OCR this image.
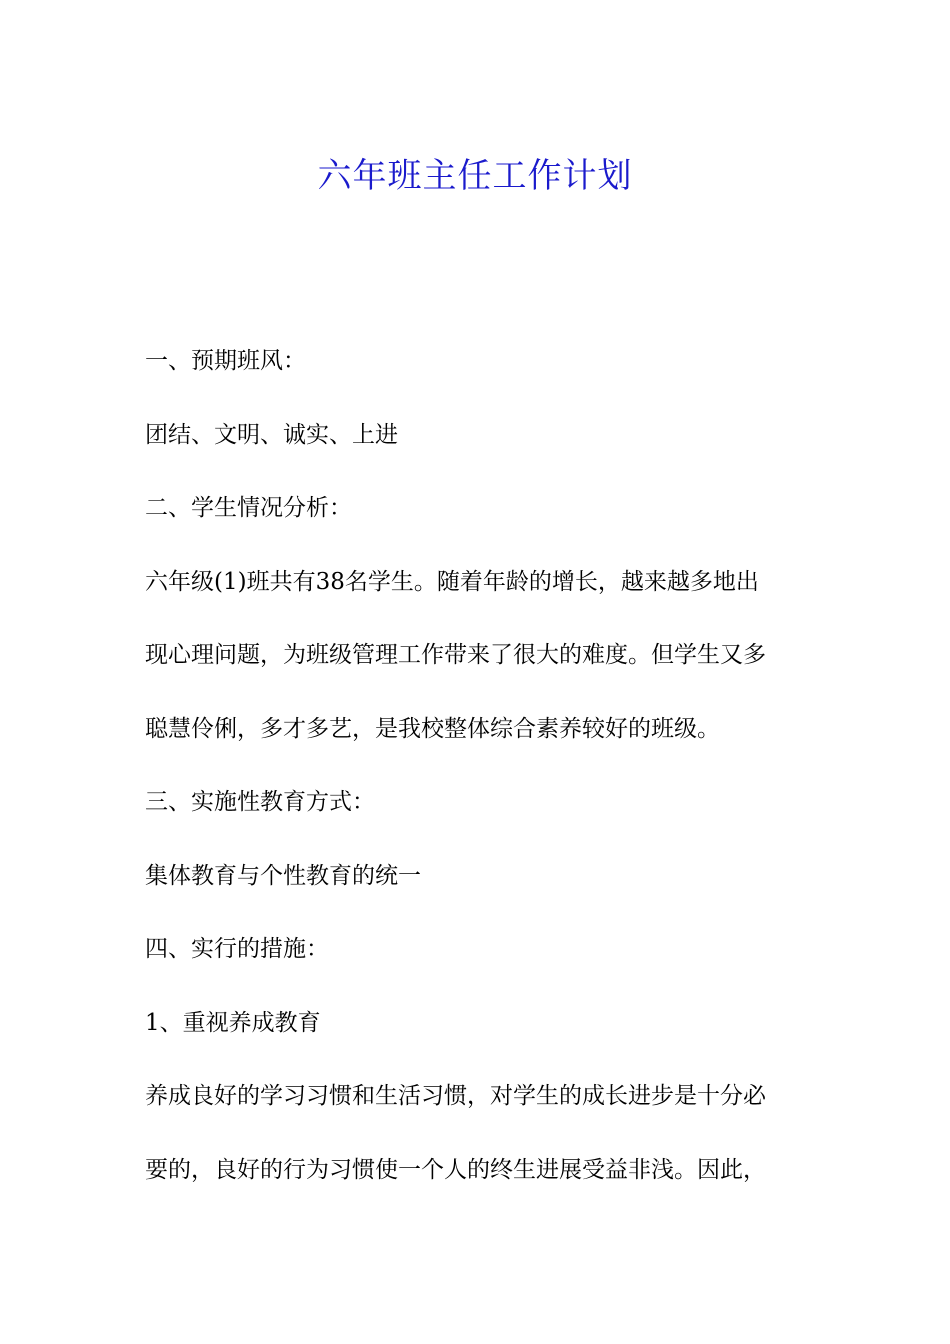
六年班主任工作计划
一、预期班风：
团结、文明、诚实、上进
二、学生情况分析：
六年级(1)班共有38名学生。随着年龄的增长，越来越多地出
现心理问题，为班级管理工作带来了很大的难度。但学生又多
聪慧伶俐，多才多艺，是我校整体综合素养较好的班级。
三、实施性教育方式：
集体教育与个性教育的统一
四、实行的措施：
1、重视养成教育
养成良好的学习习惯和生活习惯，对学生的成长进步是十分必
要的，良好的行为习惯使一个人的终生进展受益非浅。因此，
